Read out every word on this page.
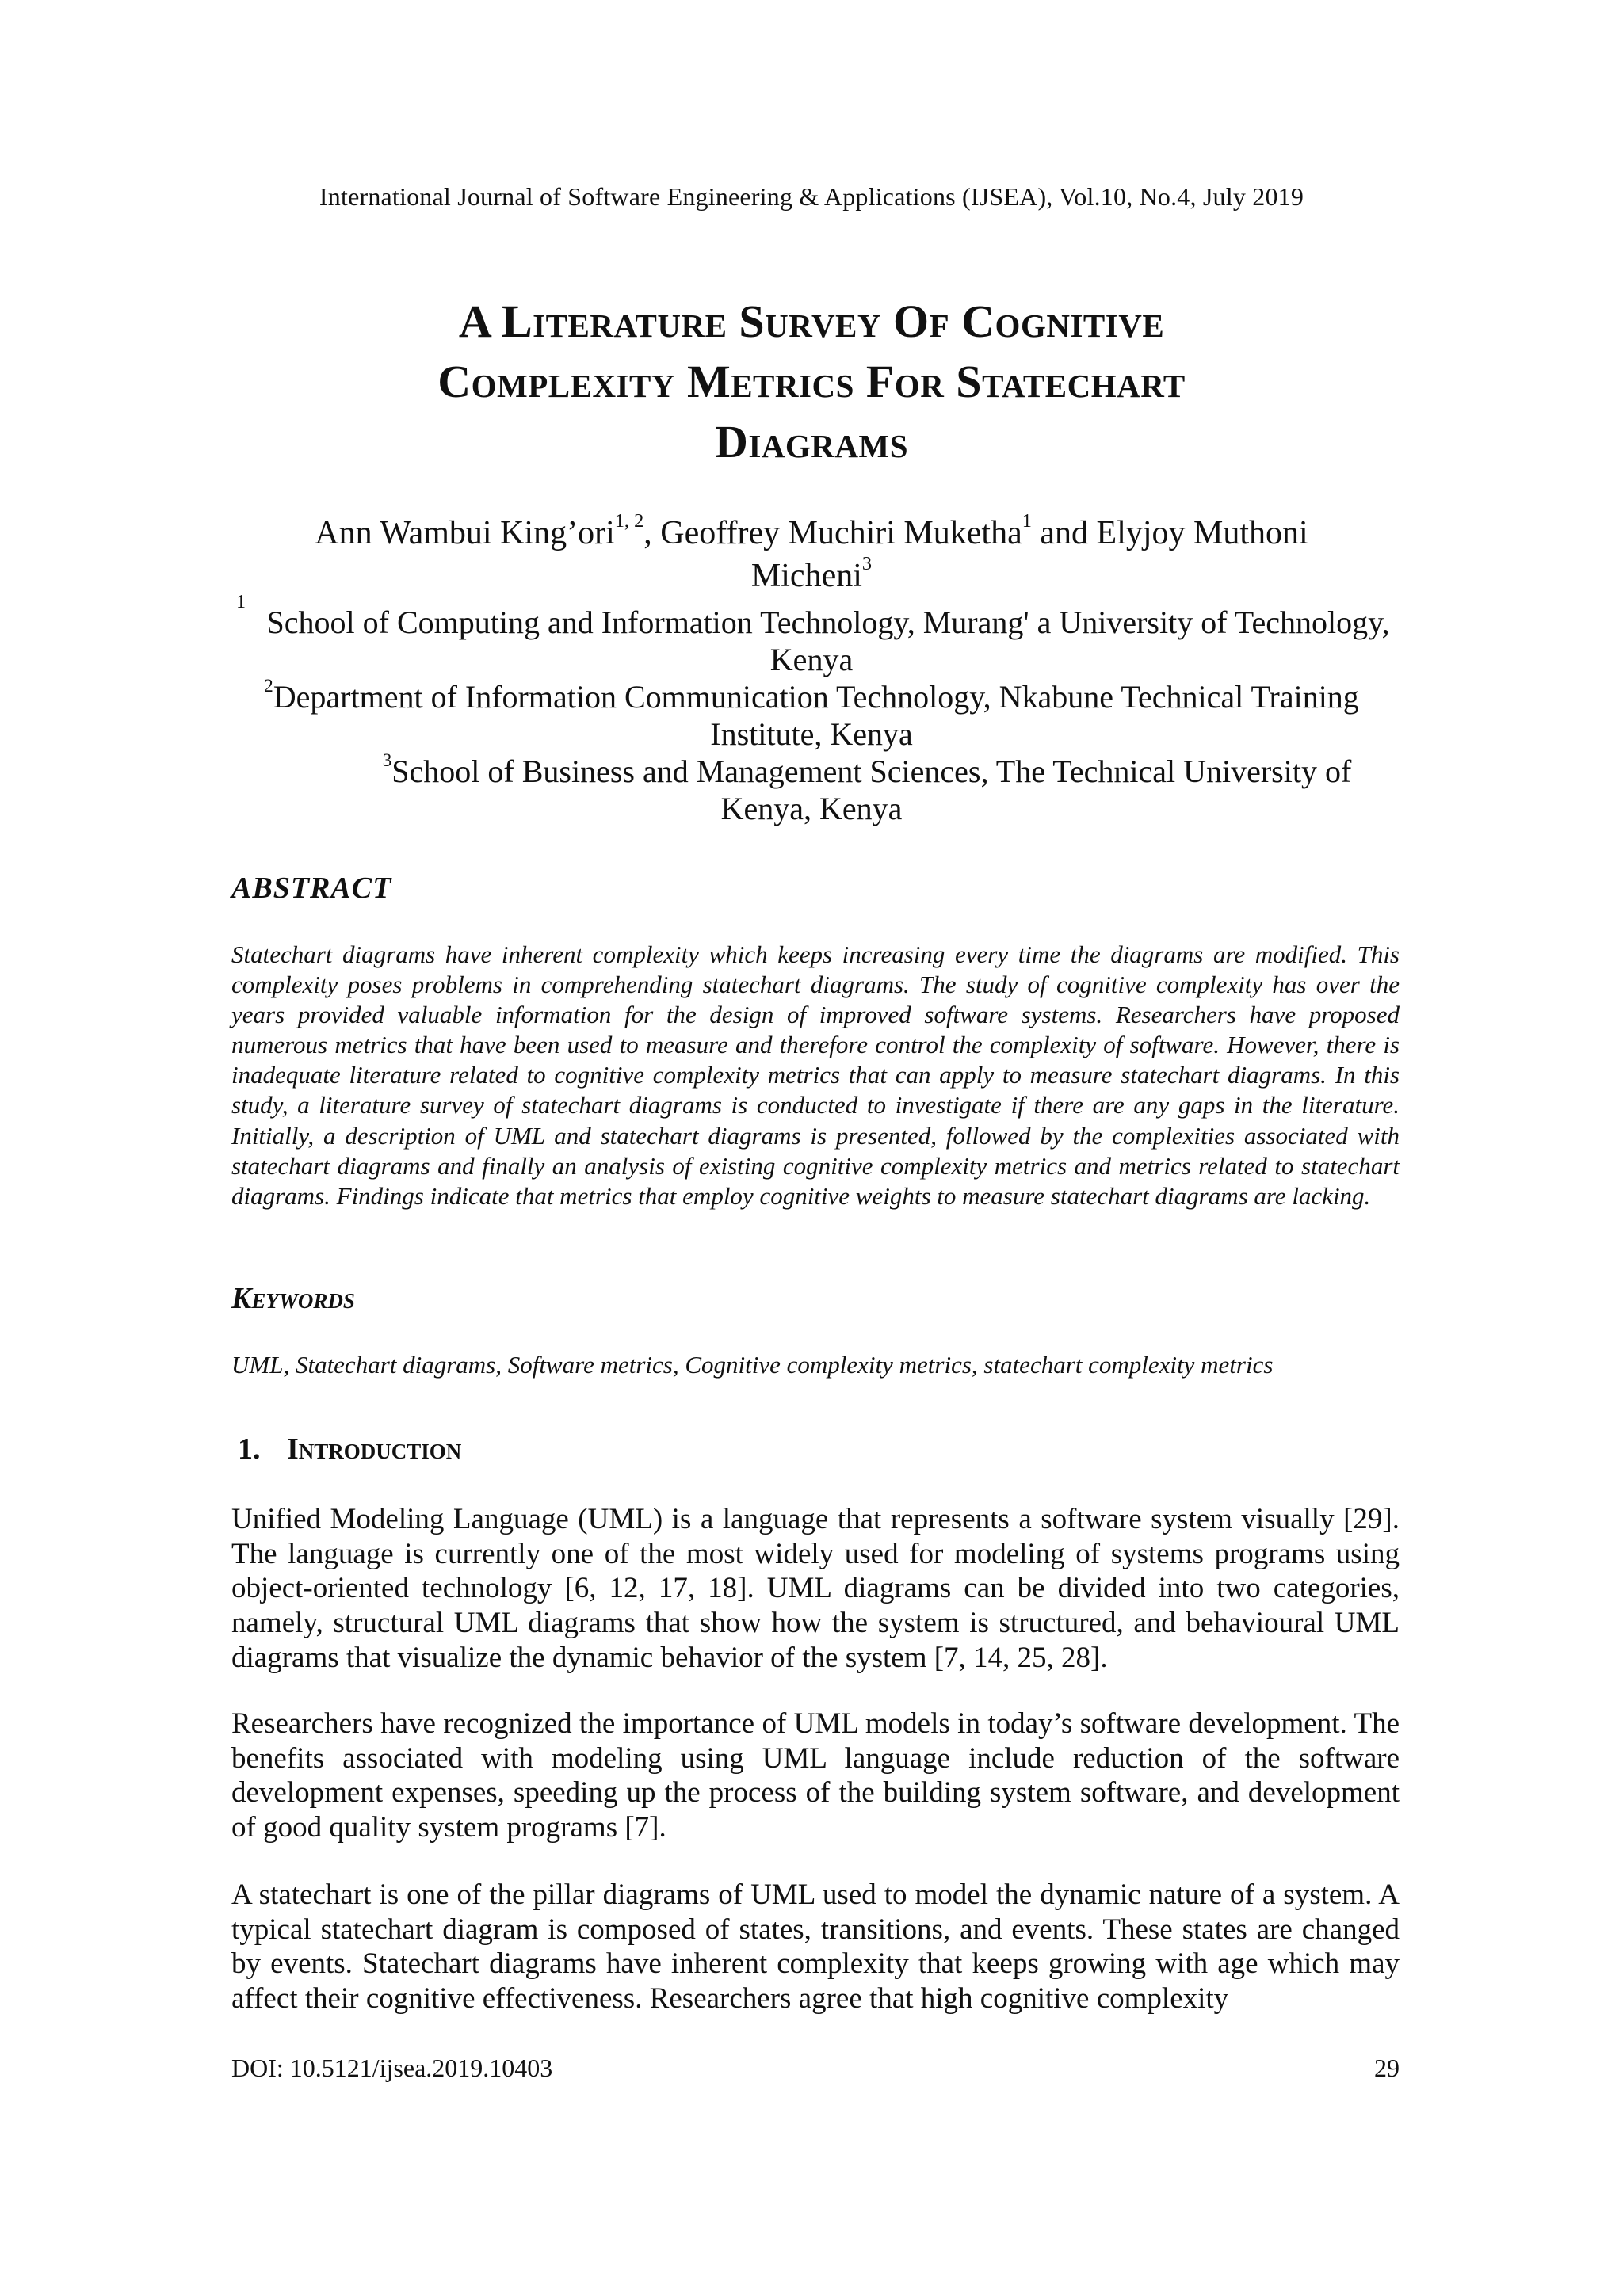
International Journal of Software Engineering & Applications (IJSEA), Vol.10, No.4, July 2019
A Literature Survey Of Cognitive
Complexity Metrics For Statechart
Diagrams
Ann Wambui King’ori$^{1, 2}$, Geoffrey Muchiri Muketha$^1$ and Elyjoy Muthoni
Micheni$^3$
1
School of Computing and Information Technology, Murang' a University of Technology,
Kenya
$^2$Department of Information Communication Technology, Nkabune Technical Training
Institute, Kenya
$^3$School of Business and Management Sciences, The Technical University of
Kenya, Kenya
ABSTRACT
Statechart diagrams have inherent complexity which keeps increasing every time the diagrams are modified. This complexity poses problems in comprehending statechart diagrams. The study of cognitive complexity has over the years provided valuable information for the design of improved software systems. Researchers have proposed numerous metrics that have been used to measure and therefore control the complexity of software. However, there is inadequate literature related to cognitive complexity metrics that can apply to measure statechart diagrams. In this study, a literature survey of statechart diagrams is conducted to investigate if there are any gaps in the literature. Initially, a description of UML and statechart diagrams is presented, followed by the complexities associated with statechart diagrams and finally an analysis of existing cognitive complexity metrics and metrics related to statechart diagrams. Findings indicate that metrics that employ cognitive weights to measure statechart diagrams are lacking.
Keywords
UML, Statechart diagrams, Software metrics, Cognitive complexity metrics, statechart complexity metrics
1. Introduction
Unified Modeling Language (UML) is a language that represents a software system visually [29]. The language is currently one of the most widely used for modeling of systems programs using object-oriented technology [6, 12, 17, 18]. UML diagrams can be divided into two categories, namely, structural UML diagrams that show how the system is structured, and behavioural UML diagrams that visualize the dynamic behavior of the system [7, 14, 25, 28].
Researchers have recognized the importance of UML models in today’s software development. The benefits associated with modeling using UML language include reduction of the software development expenses, speeding up the process of the building system software, and development of good quality system programs [7].
A statechart is one of the pillar diagrams of UML used to model the dynamic nature of a system. A typical statechart diagram is composed of states, transitions, and events. These states are changed by events. Statechart diagrams have inherent complexity that keeps growing with age which may affect their cognitive effectiveness. Researchers agree that high cognitive complexity
DOI: 10.5121/ijsea.2019.10403	29
